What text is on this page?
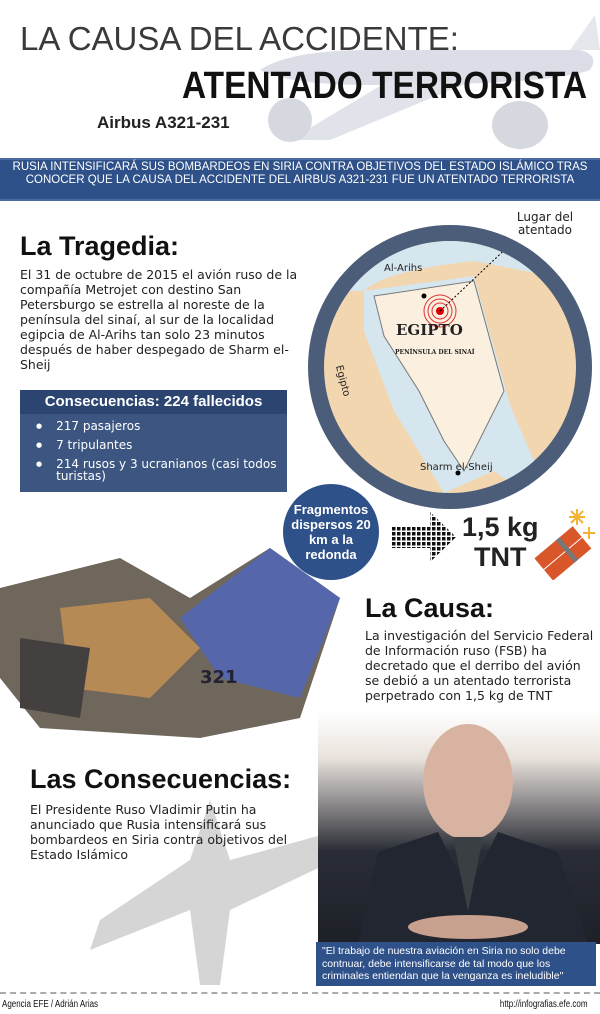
LA CAUSA DEL ACCIDENTE:
ATENTADO TERRORISTA
Airbus A321-231
RUSIA INTENSIFICARÁ SUS BOMBARDEOS EN SIRIA CONTRA OBJETIVOS DEL ESTADO ISLÁMICO TRAS CONOCER QUE LA CAUSA DEL ACCIDENTE DEL AIRBUS A321-231 FUE UN ATENTADO TERRORISTA
La Tragedia:
El 31 de octubre de 2015 el avión ruso de la compañía Metrojet con destino San Petersburgo se estrella al noreste de la península del sinaí, al sur de la localidad egipcia de Al-Arihs tan solo 23 minutos después de haber despegado de Sharm el-Sheij
Consecuencias: 224 fallecidos
● 217 pasajeros
● 7 tripulantes
● 214 rusos y 3 ucranianos (casi todos turistas)
Al-Arihs
EGIPTO
PENÍNSULA DEL SINAÍ
Egipto
Sharm el-Sheij
Lugar del atentado
321
Fragmentos dispersos 20 km a la redonda
1,5 kg
TNT
La Causa:
La investigación del Servicio Federal de Información ruso (FSB) ha decretado que el derribo del avión se debió a un atentado terrorista perpetrado con 1,5 kg de TNT
Las Consecuencias:
El Presidente Ruso Vladimir Putin ha anunciado que Rusia intensificará sus bombardeos en Siria contra objetivos del Estado Islámico
"El trabajo de nuestra aviación en Siria no solo debe contnuar, debe intensificarse de tal modo que los criminales entiendan que la venganza es ineludible"
Agencia EFE / Adrián Arias	http://infografias.efe.com
